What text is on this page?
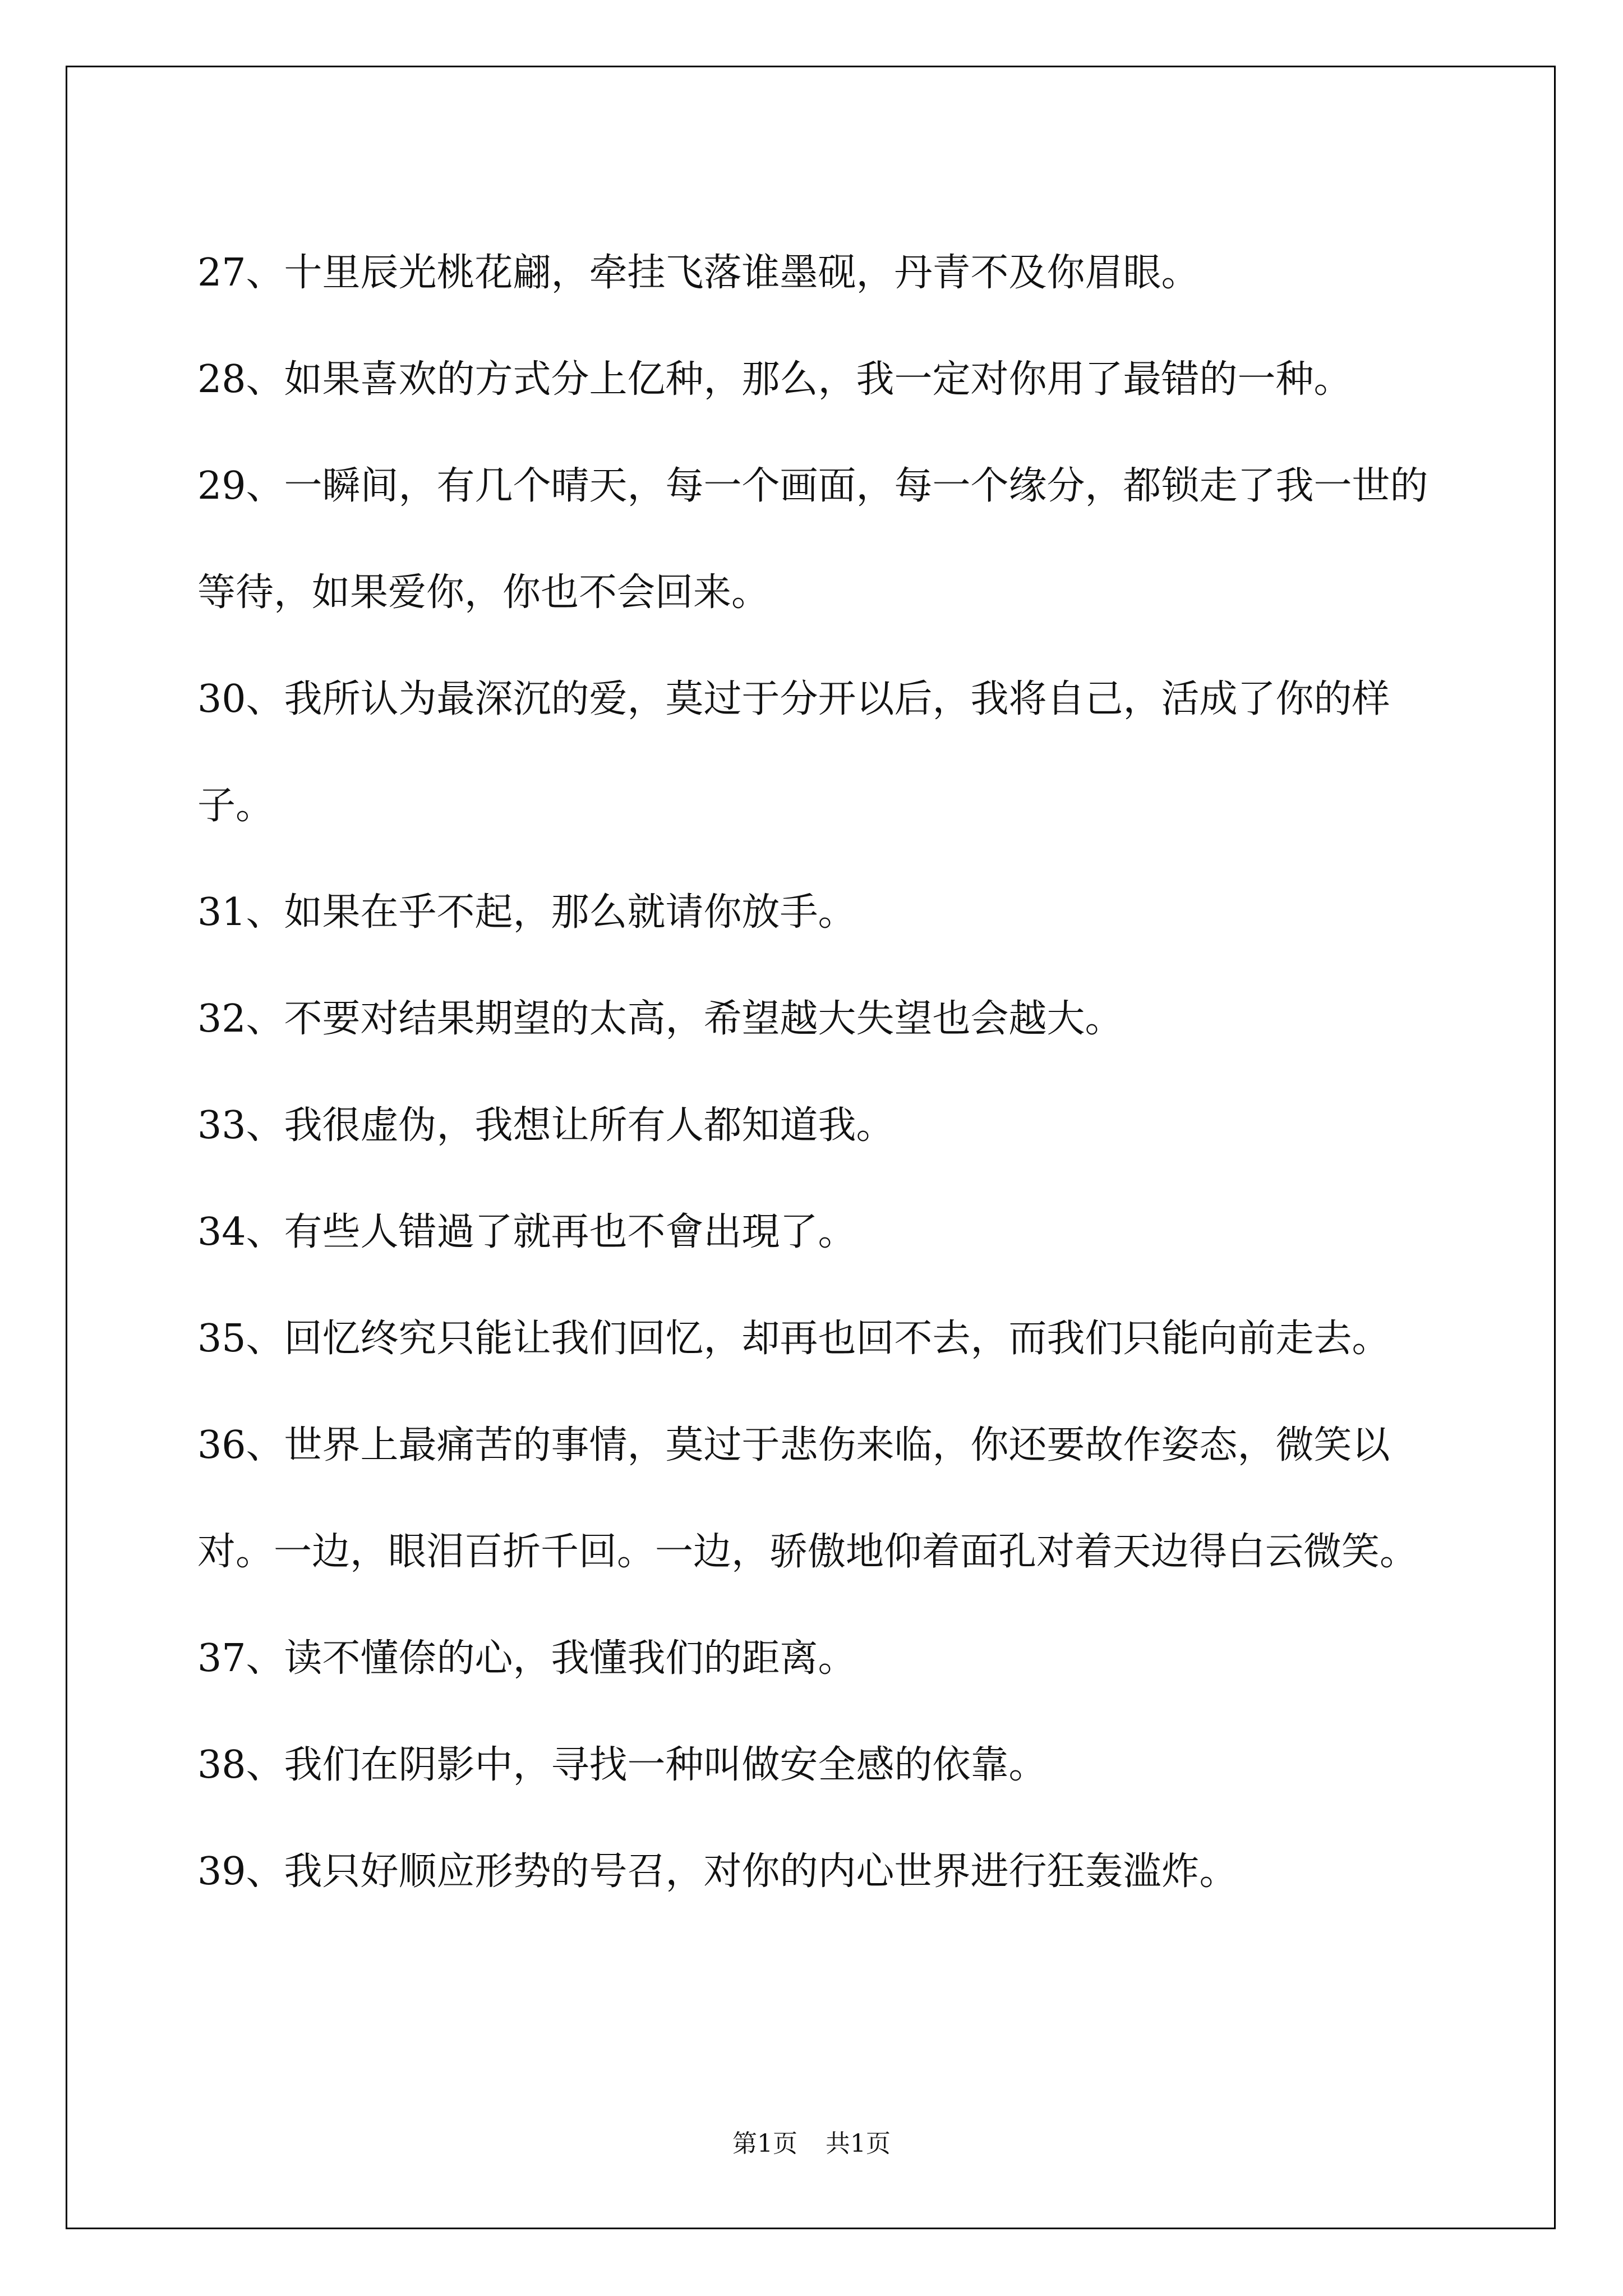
27、十里辰光桃花翩，牵挂飞落谁墨砚，丹青不及你眉眼。

28、如果喜欢的方式分上亿种，那么，我一定对你用了最错的一种。

29、一瞬间，有几个晴天，每一个画面，每一个缘分，都锁走了我一世的等待，如果爱你，你也不会回来。

30、我所认为最深沉的爱，莫过于分开以后，我将自己，活成了你的样子。

31、如果在乎不起，那么就请你放手。

32、不要对结果期望的太高，希望越大失望也会越大。

33、我很虚伪，我想让所有人都知道我。

34、有些人错過了就再也不會出現了。

35、回忆终究只能让我们回忆，却再也回不去，而我们只能向前走去。

36、世界上最痛苦的事情，莫过于悲伤来临，你还要故作姿态，微笑以对。一边，眼泪百折千回。一边，骄傲地仰着面孔对着天边得白云微笑。

37、读不懂倷的心，我懂我们的距离。

38、我们在阴影中，寻找一种叫做安全感的依靠。

39、我只好顺应形势的号召，对你的内心世界进行狂轰滥炸。

第1页 共1页
